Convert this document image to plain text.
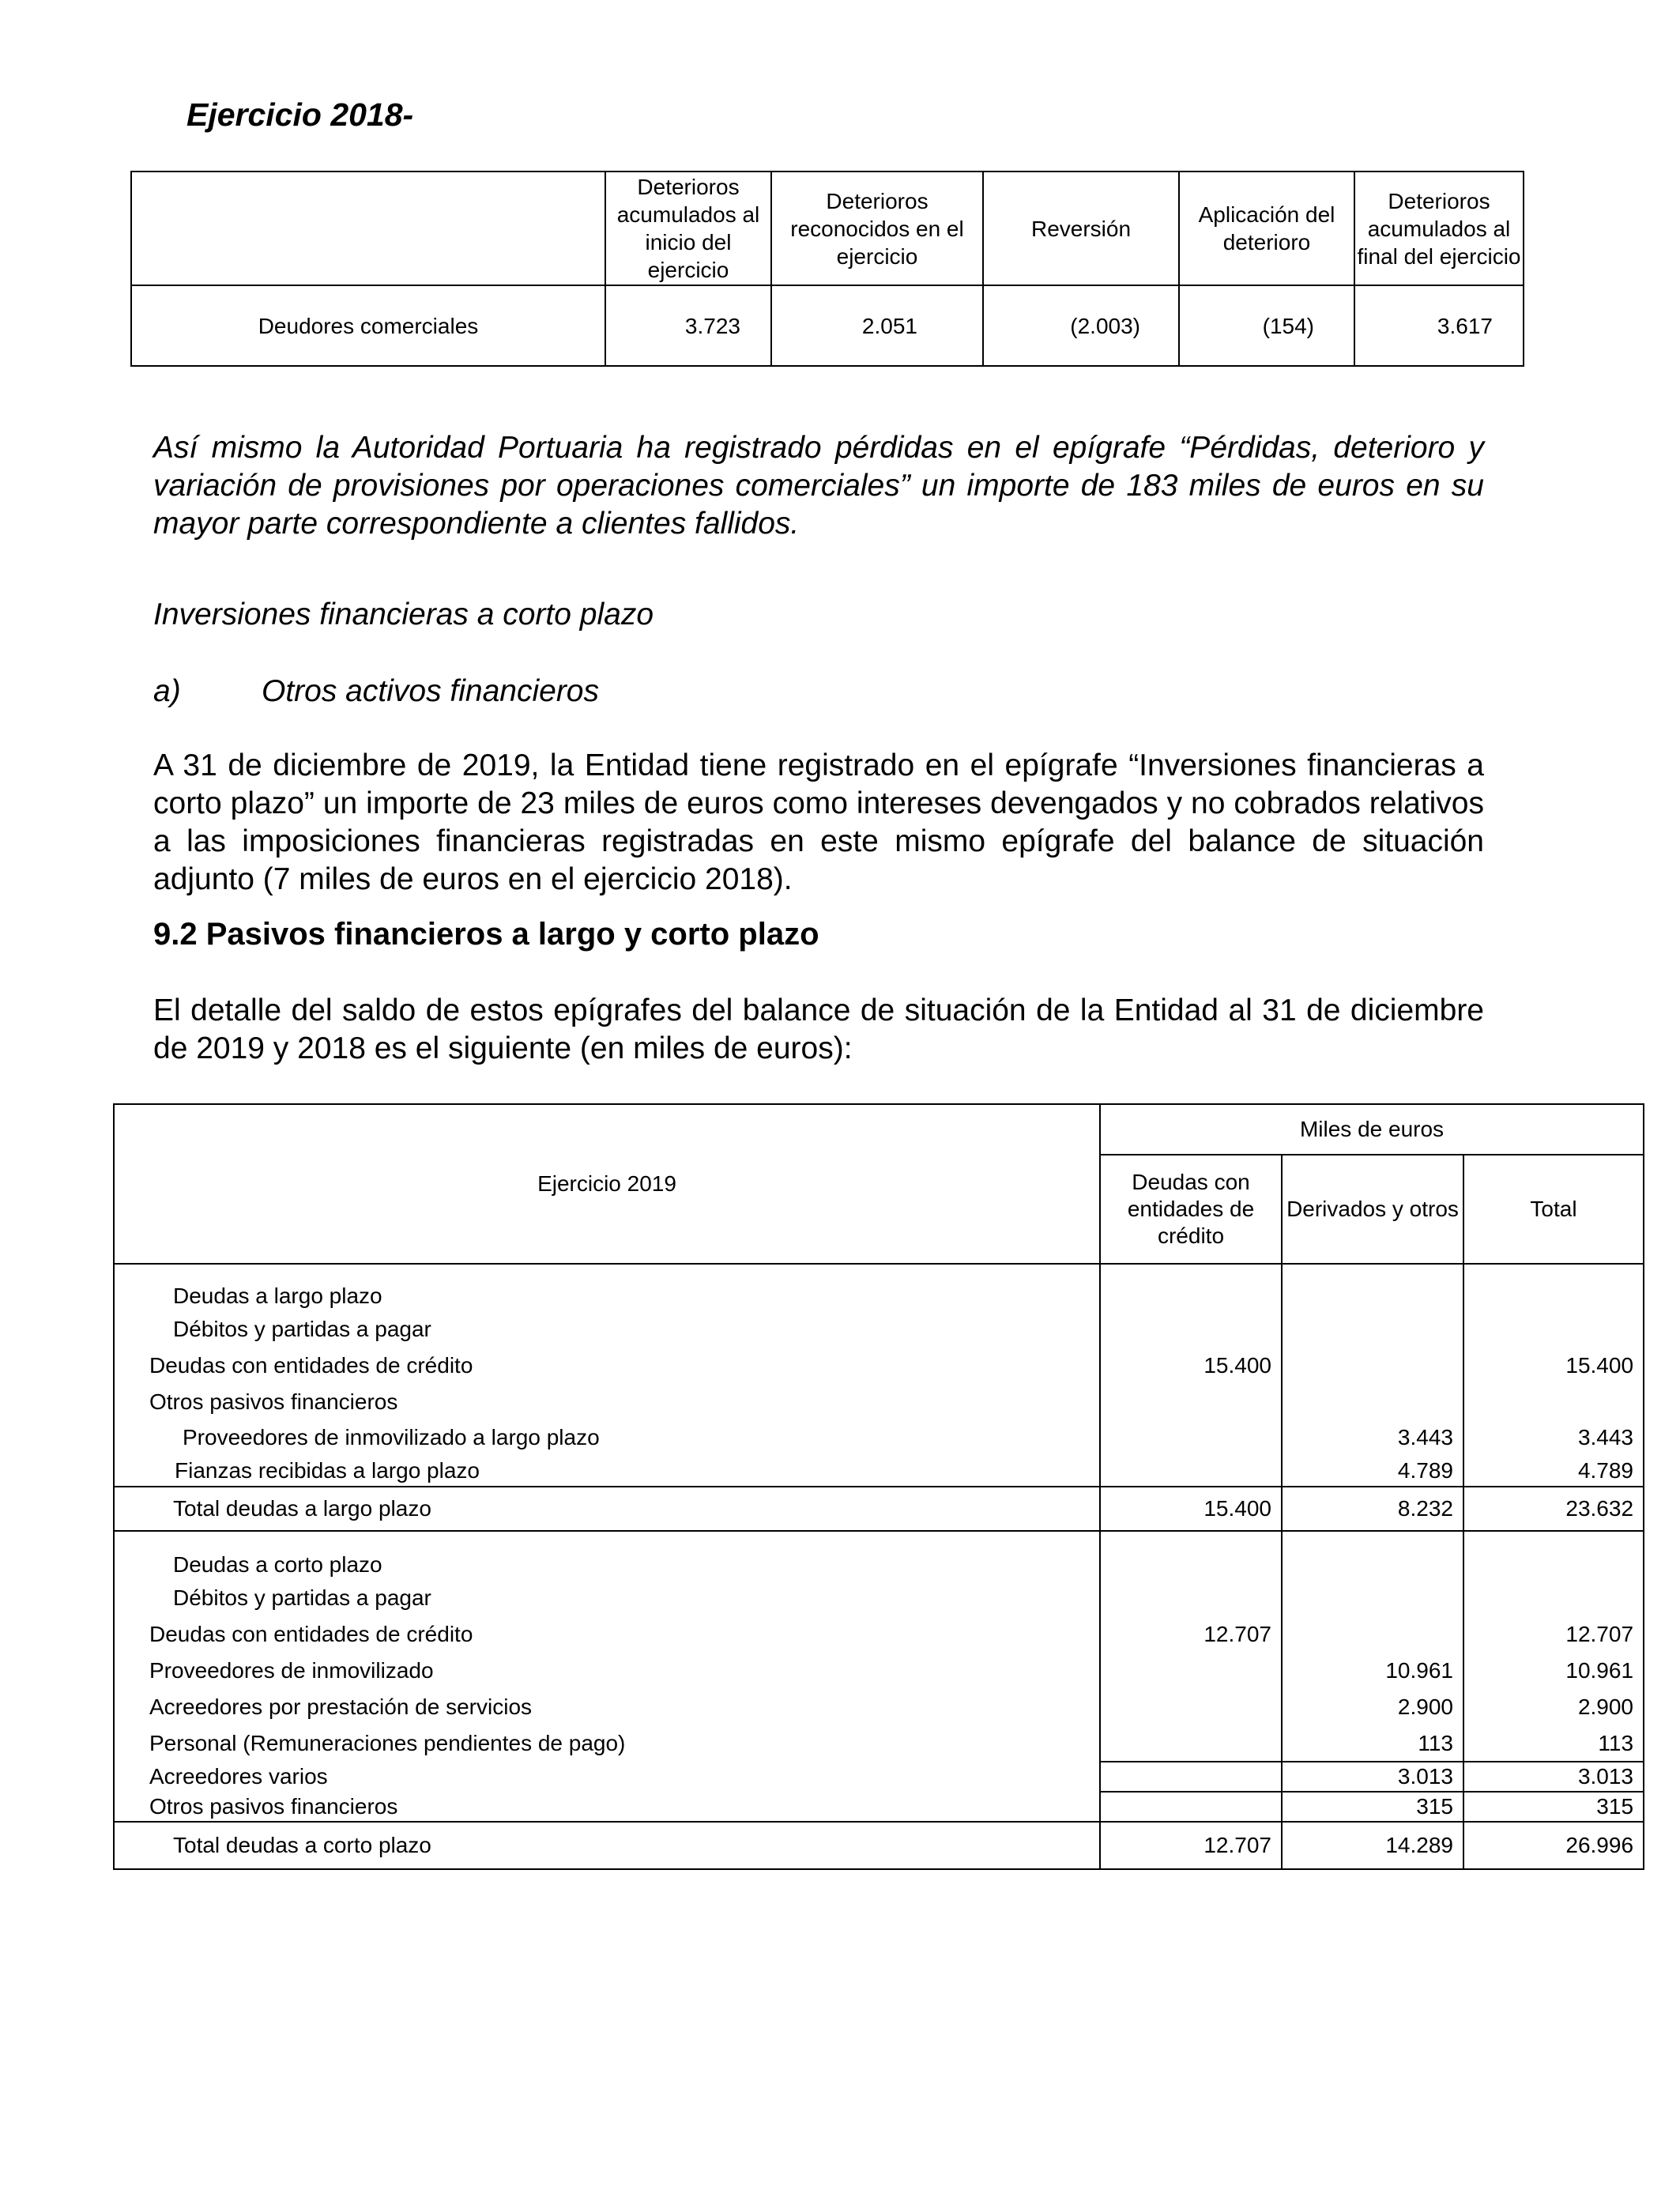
Ejercicio 2018-
	Deterioros acumulados al inicio del ejercicio	Deterioros reconocidos en el ejercicio	Reversión	Aplicación del deterioro	Deterioros acumulados al final del ejercicio
Deudores comerciales	3.723	2.051	(2.003)	(154)	3.617
Así mismo la Autoridad Portuaria ha registrado pérdidas en el epígrafe “Pérdidas, deterioro y variación de provisiones por operaciones comerciales” un importe de 183 miles de euros en su mayor parte correspondiente a clientes fallidos.
Inversiones financieras a corto plazo
a)	Otros activos financieros
A 31 de diciembre de 2019, la Entidad tiene registrado en el epígrafe “Inversiones financieras a corto plazo” un importe de 23 miles de euros como intereses devengados y no cobrados relativos a las imposiciones financieras registradas en este mismo epígrafe del balance de situación adjunto (7 miles de euros en el ejercicio 2018).
9.2 Pasivos financieros a largo y corto plazo
El detalle del saldo de estos epígrafes del balance de situación de la Entidad al 31 de diciembre de 2019 y 2018 es el siguiente (en miles de euros):
Ejercicio 2019	Miles de euros		
	Deudas con entidades de crédito	Derivados y otros	Total
Deudas a largo plazo			
Débitos y partidas a pagar			
Deudas con entidades de crédito	15.400		15.400
Otros pasivos financieros			
Proveedores de inmovilizado a largo plazo		3.443	3.443
Fianzas recibidas a largo plazo		4.789	4.789
Total deudas a largo plazo	15.400	8.232	23.632
Deudas a corto plazo			
Débitos y partidas a pagar			
Deudas con entidades de crédito	12.707		12.707
Proveedores de inmovilizado		10.961	10.961
Acreedores por prestación de servicios		2.900	2.900
Personal (Remuneraciones pendientes de pago)		113	113
Acreedores varios		3.013	3.013
Otros pasivos financieros		315	315
Total deudas a corto plazo	12.707	14.289	26.996
